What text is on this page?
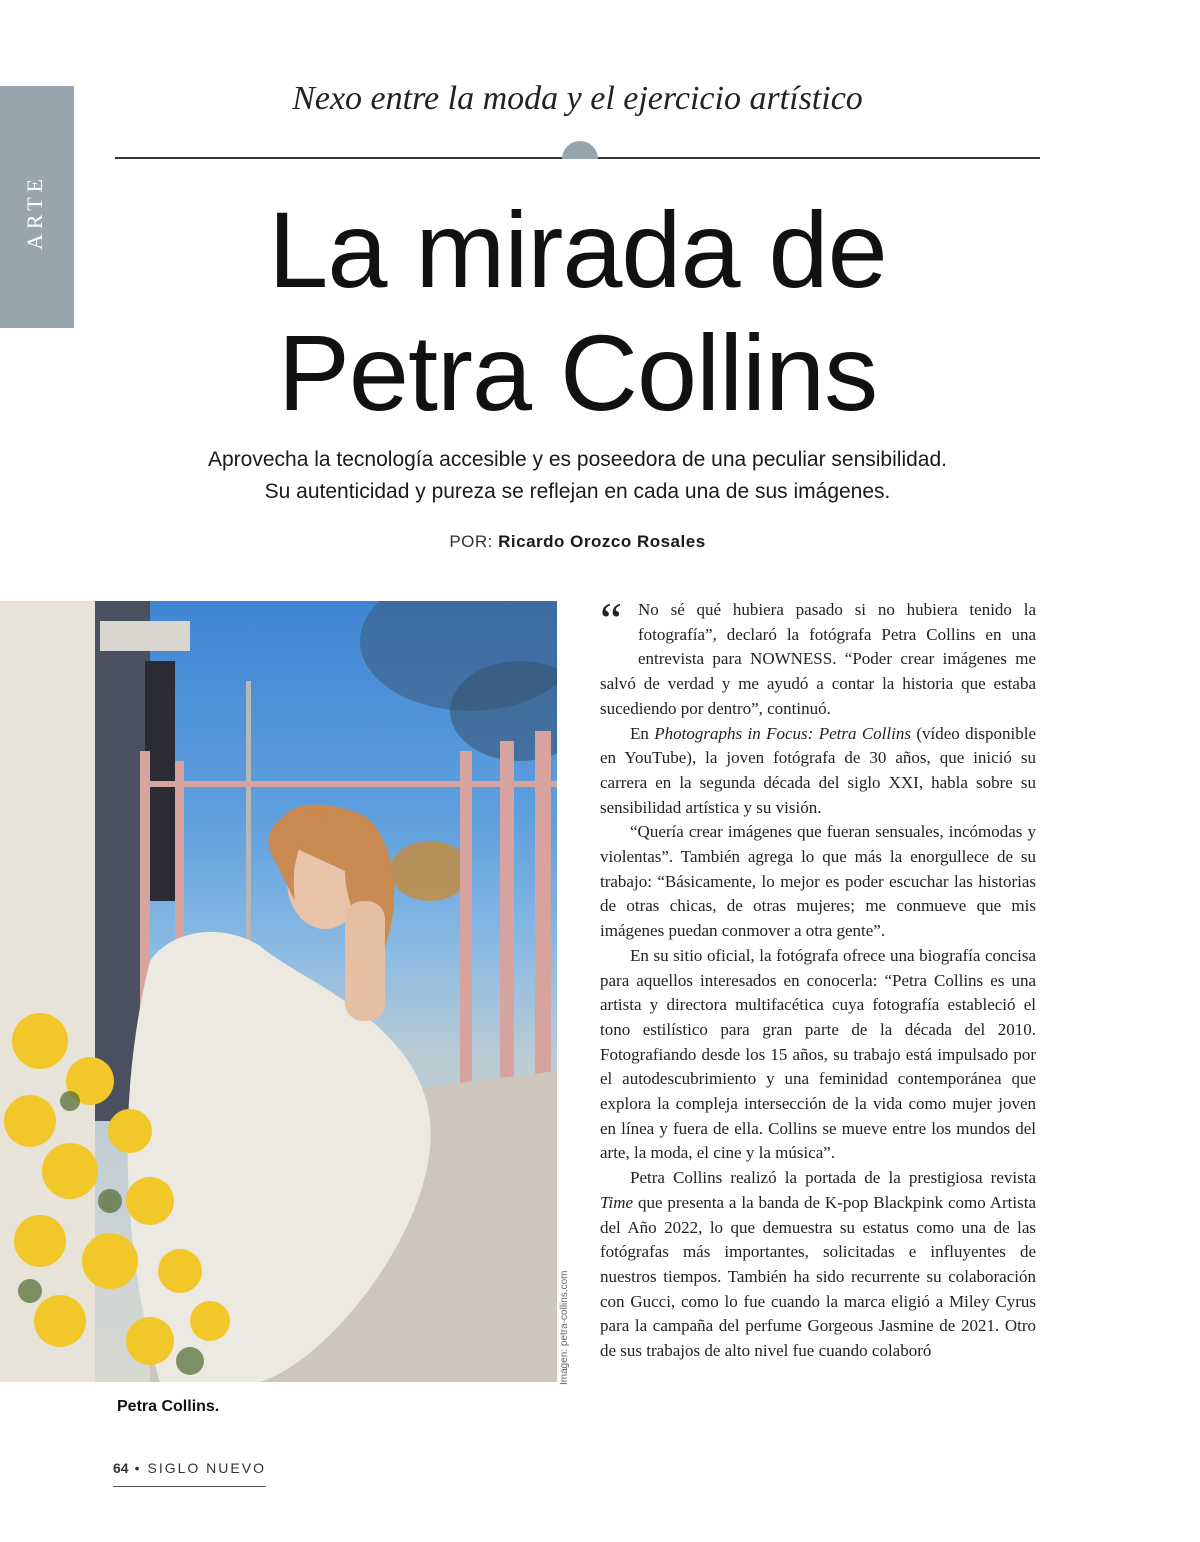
ARTE
Nexo entre la moda y el ejercicio artístico
La mirada de
Petra Collins
Aprovecha la tecnología accesible y es poseedora de una peculiar sensibilidad.
Su autenticidad y pureza se reflejan en cada una de sus imágenes.
POR: Ricardo Orozco Rosales
Imagen: petra-collins.com
Petra Collins.

“ No sé qué hubiera pasado si no hubiera tenido la fotografía”, declaró la fotógrafa Petra Collins en una entrevista para NOWNESS. “Poder crear imágenes me salvó de verdad y me ayudó a contar la historia que estaba sucediendo por dentro”, continuó.

En Photographs in Focus: Petra Collins (vídeo disponible en YouTube), la joven fotógrafa de 30 años, que inició su carrera en la segunda década del siglo XXI, habla sobre su sensibilidad artística y su visión.

“Quería crear imágenes que fueran sensuales, incómodas y violentas”. También agrega lo que más la enorgullece de su trabajo: “Básicamente, lo mejor es poder escuchar las historias de otras chicas, de otras mujeres; me conmueve que mis imágenes puedan conmover a otra gente”.

En su sitio oficial, la fotógrafa ofrece una biografía concisa para aquellos interesados en conocerla: “Petra Collins es una artista y directora multifacética cuya fotografía estableció el tono estilístico para gran parte de la década del 2010. Fotografiando desde los 15 años, su trabajo está impulsado por el autodescubrimiento y una feminidad contemporánea que explora la compleja intersección de la vida como mujer joven en línea y fuera de ella. Collins se mueve entre los mundos del arte, la moda, el cine y la música”.

Petra Collins realizó la portada de la prestigiosa revista Time que presenta a la banda de K-pop Blackpink como Artista del Año 2022, lo que demuestra su estatus como una de las fotógrafas más importantes, solicitadas e influyentes de nuestros tiempos. También ha sido recurrente su colaboración con Gucci, como lo fue cuando la marca eligió a Miley Cyrus para la campaña del perfume Gorgeous Jasmine de 2021. Otro de sus trabajos de alto nivel fue cuando colaboró

64 • SIGLO NUEVO
